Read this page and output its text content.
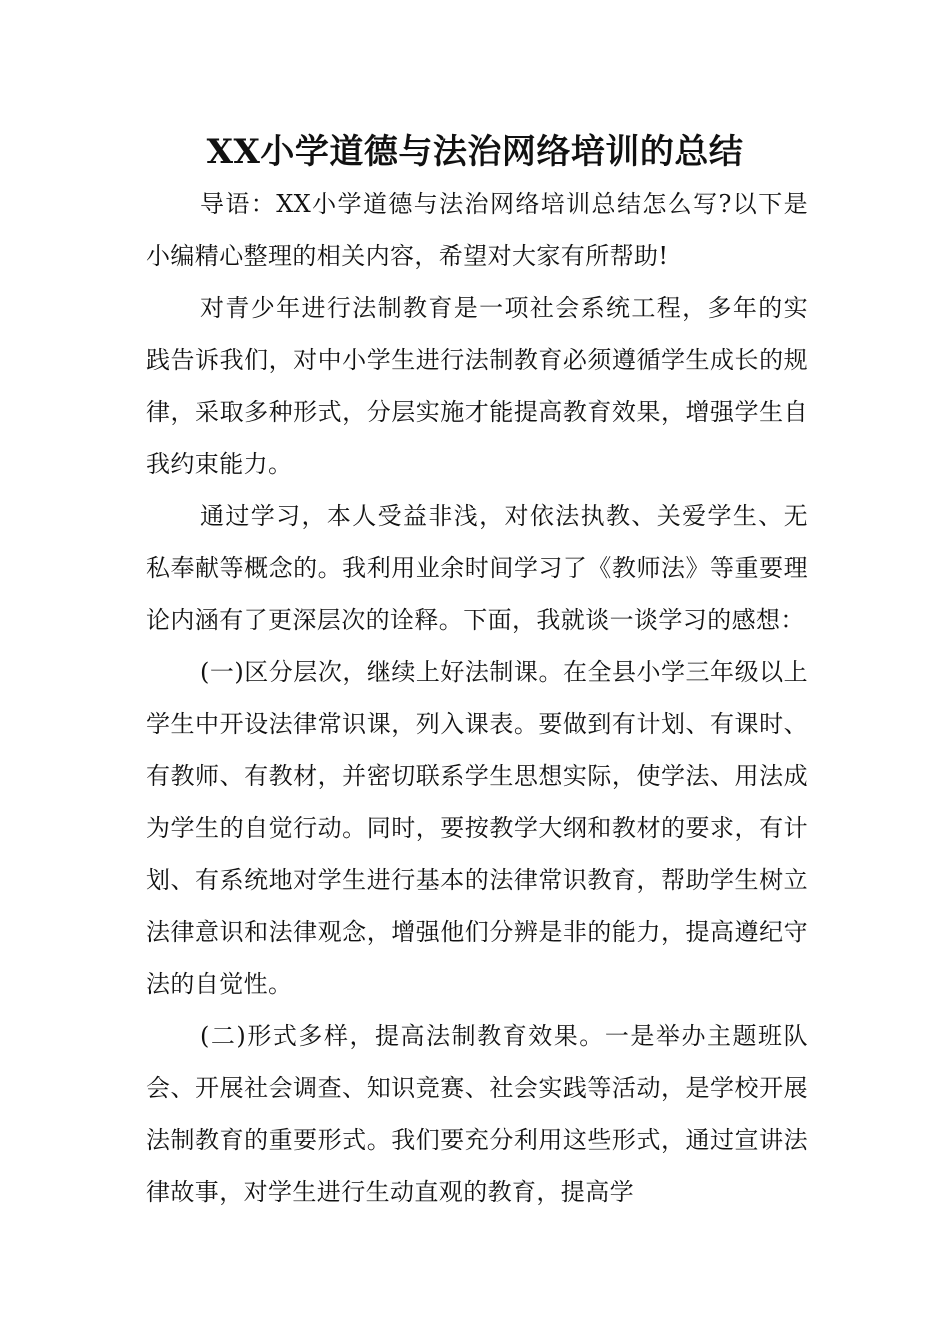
XX小学道德与法治网络培训的总结

导语：XX小学道德与法治网络培训总结怎么写?以下是小编精心整理的相关内容，希望对大家有所帮助!

对青少年进行法制教育是一项社会系统工程，多年的实践告诉我们，对中小学生进行法制教育必须遵循学生成长的规律，采取多种形式，分层实施才能提高教育效果，增强学生自我约束能力。

通过学习，本人受益非浅，对依法执教、关爱学生、无私奉献等概念的。我利用业余时间学习了《教师法》等重要理论内涵有了更深层次的诠释。下面，我就谈一谈学习的感想：

(一)区分层次，继续上好法制课。在全县小学三年级以上学生中开设法律常识课，列入课表。要做到有计划、有课时、有教师、有教材，并密切联系学生思想实际，使学法、用法成为学生的自觉行动。同时，要按教学大纲和教材的要求，有计划、有系统地对学生进行基本的法律常识教育，帮助学生树立法律意识和法律观念，增强他们分辨是非的能力，提高遵纪守法的自觉性。

(二)形式多样，提高法制教育效果。一是举办主题班队会、开展社会调查、知识竞赛、社会实践等活动，是学校开展法制教育的重要形式。我们要充分利用这些形式，通过宣讲法律故事，对学生进行生动直观的教育，提高学
